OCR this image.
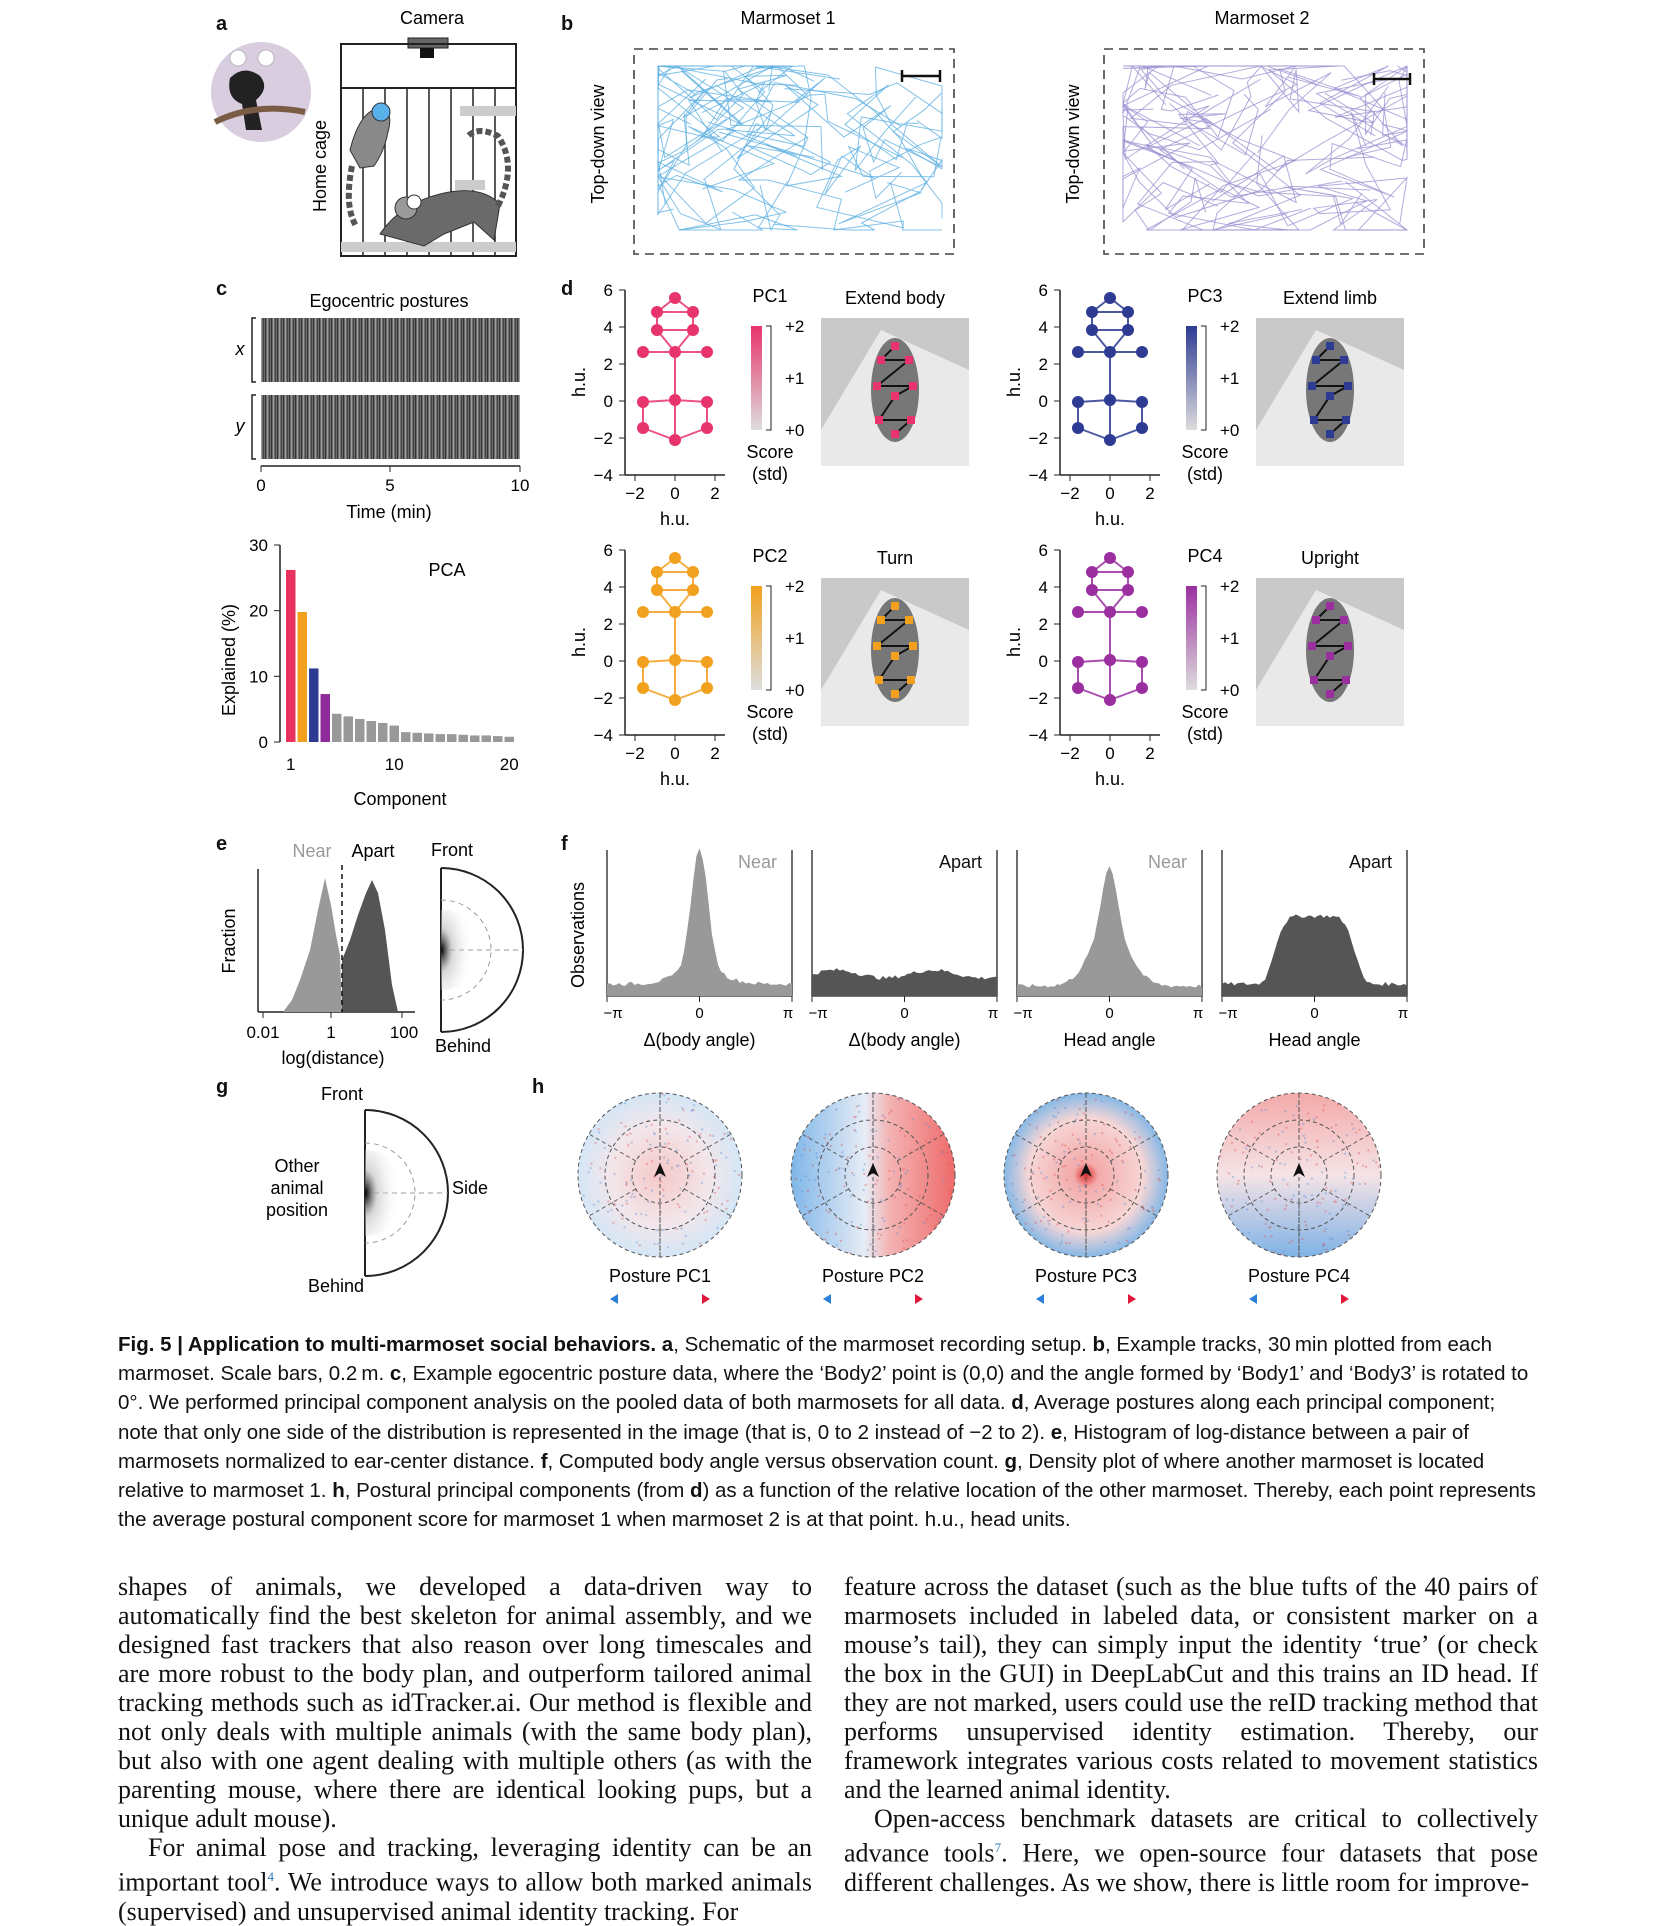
a	b
c	d
e	f
g	h
Camera
Home cage
Marmoset 1	Marmoset 2
Top-down view	Top-down view
Egocentric postures
x
y
0	5	10
Time (min)
PCA
Explained (%)
Component
0
10
20
30
1	10	20
6
4
2
0
−2
−4
−2 0 2
h.u.
h.u.
PC1
+2
+1
+0
Score
(std)
Extend body	6
4
2
0
−2
−4
−2 0 2
h.u.
h.u.
PC3
+2
+1
+0
Score
(std)
Extend limb
6
4
2
0
−2
−4
−2 0 2
h.u.
h.u.
PC2
+2
+1
+0
Score
(std)
Turn	6
4
2
0
−2
−4
−2 0 2
h.u.
h.u.
PC4
+2
+1
+0
Score
(std)
Upright
Near Apart
Fraction
0.01	1	100
log(distance)
Front
Behind
Observations
Near
−π	0	π
Δ(body angle)
Apart
−π	0	π
Δ(body angle)
Near
−π	0	π
Head angle
Apart
−π	0	π
Head angle
Front
Behind
Side
Other
animal
position
Posture PC1	Posture PC2	Posture PC3	Posture PC4
Fig. 5 | Application to multi-marmoset social behaviors. a, Schematic of the marmoset recording setup. b, Example tracks, 30 min plotted from each marmoset. Scale bars, 0.2 m. c, Example egocentric posture data, where the ‘Body2’ point is (0,0) and the angle formed by ‘Body1’ and ‘Body3’ is rotated to 0°. We performed principal component analysis on the pooled data of both marmosets for all data. d, Average postures along each principal component; note that only one side of the distribution is represented in the image (that is, 0 to 2 instead of −2 to 2). e, Histogram of log-distance between a pair of marmosets normalized to ear-center distance. f, Computed body angle versus observation count. g, Density plot of where another marmoset is located relative to marmoset 1. h, Postural principal components (from d) as a function of the relative location of the other marmoset. Thereby, each point represents the average postural component score for marmoset 1 when marmoset 2 is at that point. h.u., head units.

shapes of animals, we developed a data-driven way to automatically find the best skeleton for animal assembly, and we designed fast trackers that also reason over long timescales and are more robust to the body plan, and outperform tailored animal tracking methods such as idTracker.ai. Our method is flexible and not only deals with multiple animals (with the same body plan), but also with one agent dealing with multiple others (as with the parenting mouse, where there are identical looking pups, but a unique adult mouse).

For animal pose and tracking, leveraging identity can be an important tool$^4$. We introduce ways to allow both marked animals (supervised) and unsupervised animal identity tracking. For

feature across the dataset (such as the blue tufts of the 40 pairs of marmosets included in labeled data, or consistent marker on a mouse’s tail), they can simply input the identity ‘true’ (or check the box in the GUI) in DeepLabCut and this trains an ID head. If they are not marked, users could use the reID tracking method that performs unsupervised identity estimation. Thereby, our framework integrates various costs related to movement statistics and the learned animal identity.

Open-access benchmark datasets are critical to collectively advance tools$^7$. Here, we open-source four datasets that pose different challenges. As we show, there is little room for improve-
